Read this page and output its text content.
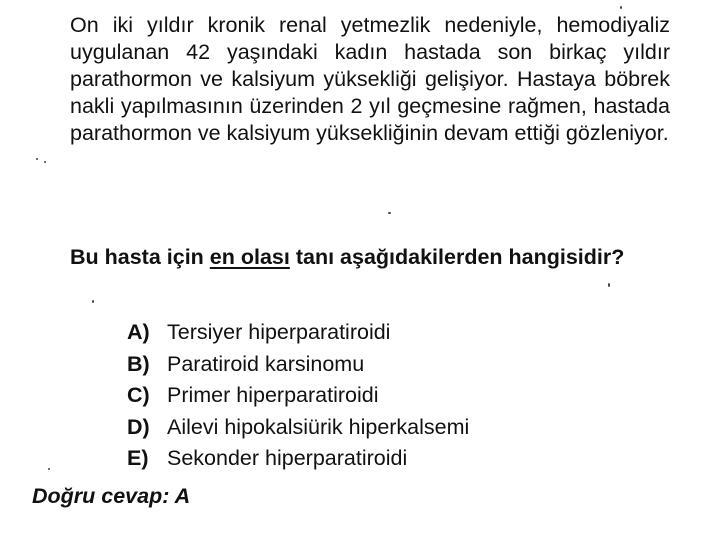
On iki yıldır kronik renal yetmezlik nedeniyle, hemodiyaliz uygulanan 42 yaşındaki kadın hastada son birkaç yıldır parathormon ve kalsiyum yüksekliği gelişiyor. Hastaya böbrek nakli yapılmasının üzerinden 2 yıl geçmesine rağmen, hastada parathormon ve kalsiyum yüksekliğinin devam ettiği gözleniyor.

Bu hasta için en olası tanı aşağıdakilerden hangisidir?

A) Tersiyer hiperparatiroidi
B) Paratiroid karsinomu
C) Primer hiperparatiroidi
D) Ailevi hipokalsiürik hiperkalsemi
E) Sekonder hiperparatiroidi
Doğru cevap: A
